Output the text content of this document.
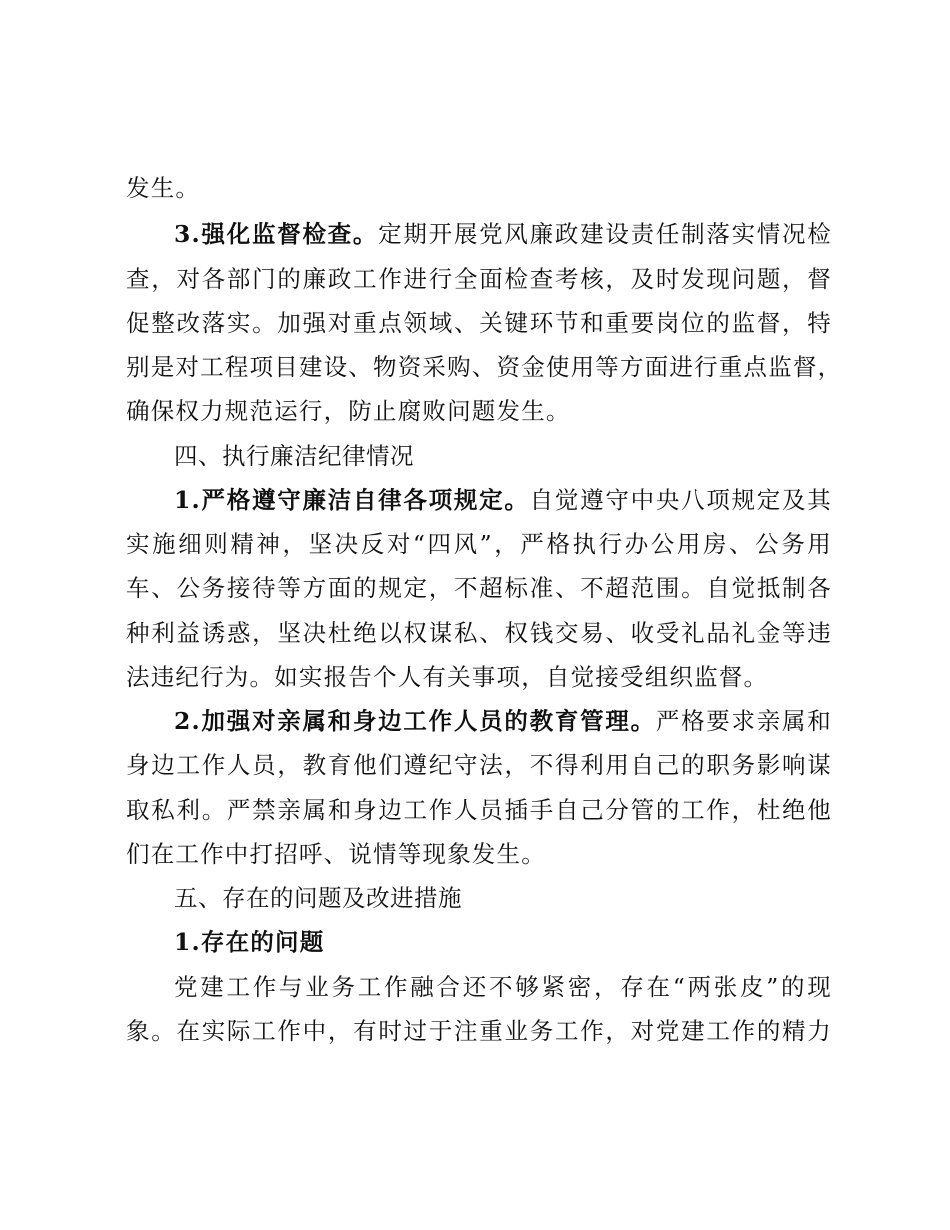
发生。
3.强化监督检查。定期开展党风廉政建设责任制落实情况检
查，对各部门的廉政工作进行全面检查考核，及时发现问题，督
促整改落实。加强对重点领域、关键环节和重要岗位的监督，特
别是对工程项目建设、物资采购、资金使用等方面进行重点监督，
确保权力规范运行，防止腐败问题发生。
四、执行廉洁纪律情况
1.严格遵守廉洁自律各项规定。自觉遵守中央八项规定及其
实施细则精神，坚决反对“四风”，严格执行办公用房、公务用
车、公务接待等方面的规定，不超标准、不超范围。自觉抵制各
种利益诱惑，坚决杜绝以权谋私、权钱交易、收受礼品礼金等违
法违纪行为。如实报告个人有关事项，自觉接受组织监督。
2.加强对亲属和身边工作人员的教育管理。严格要求亲属和
身边工作人员，教育他们遵纪守法，不得利用自己的职务影响谋
取私利。严禁亲属和身边工作人员插手自己分管的工作，杜绝他
们在工作中打招呼、说情等现象发生。
五、存在的问题及改进措施
1.存在的问题
党建工作与业务工作融合还不够紧密，存在“两张皮”的现
象。在实际工作中，有时过于注重业务工作，对党建工作的精力
